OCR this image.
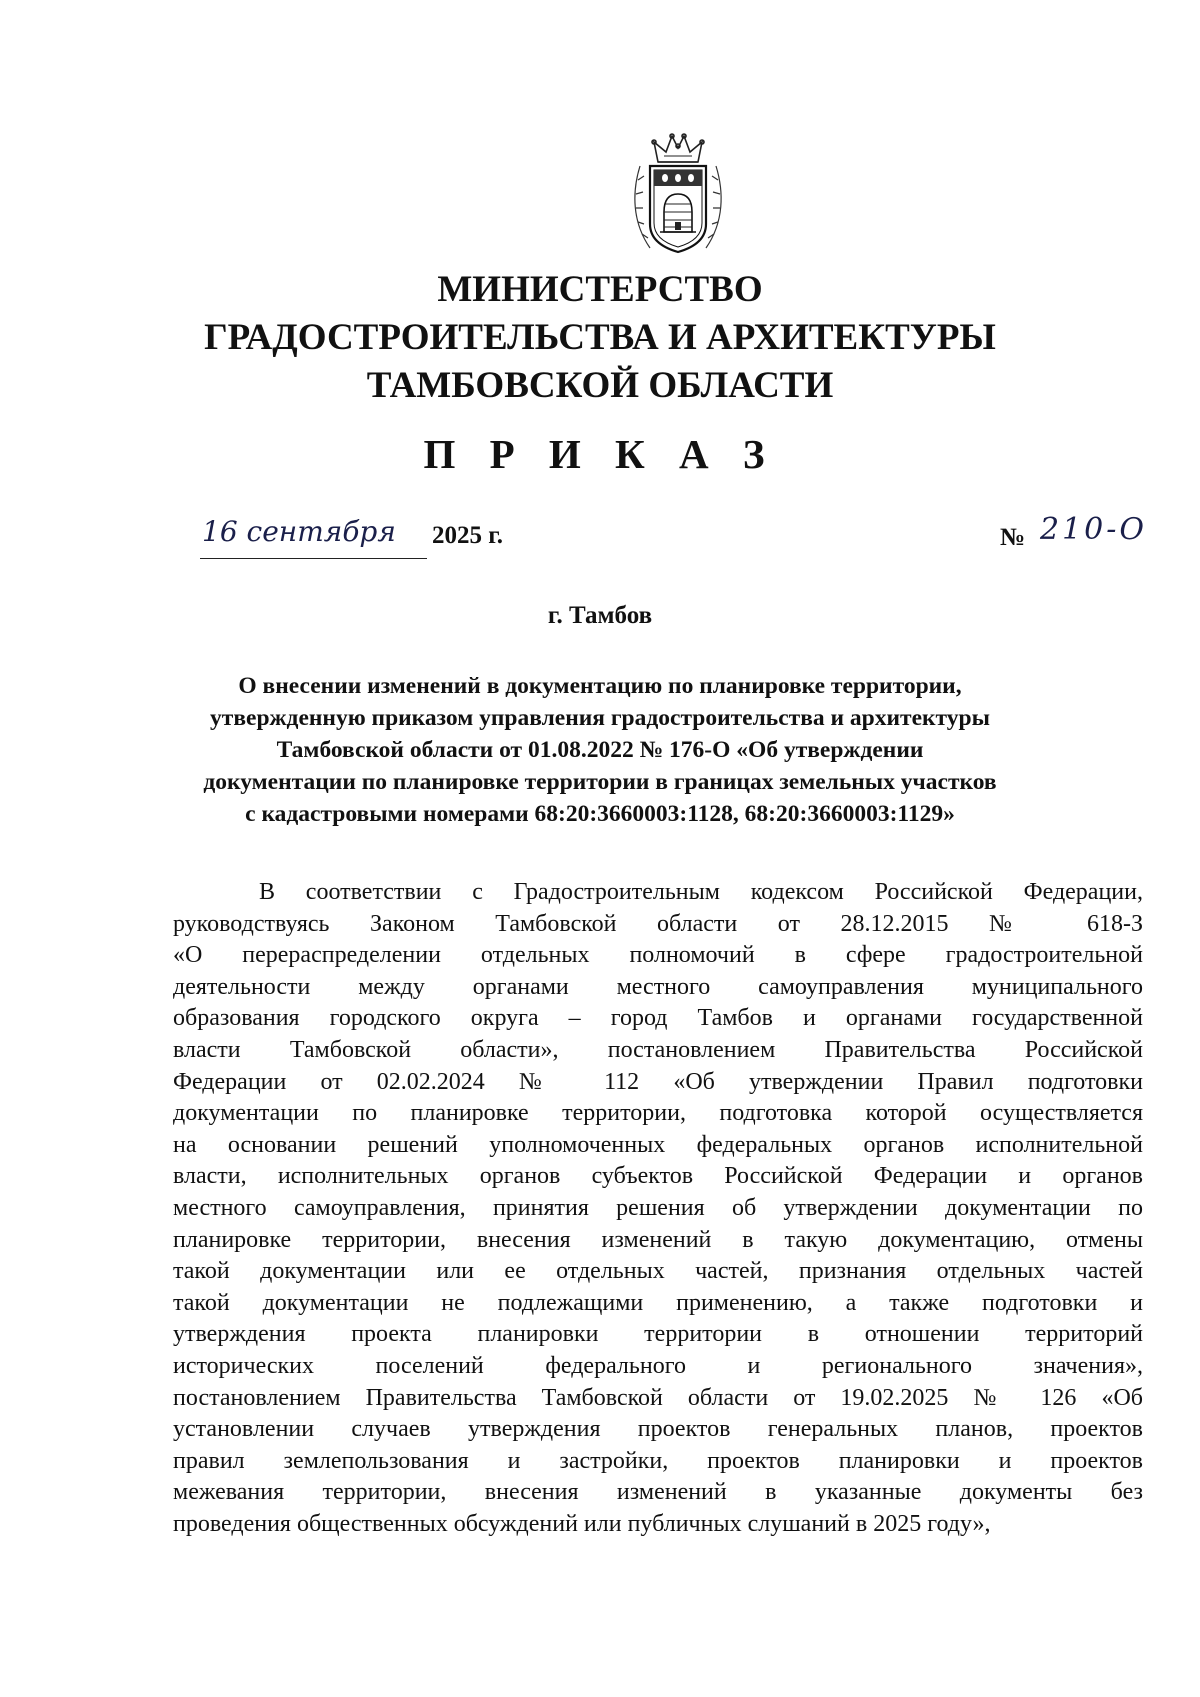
МИНИСТЕРСТВО
ГРАДОСТРОИТЕЛЬСТВА И АРХИТЕКТУРЫ
ТАМБОВСКОЙ ОБЛАСТИ
П Р И К А З
16 сентября	2025 г.	№ 210-О
г. Тамбов
О внесении изменений в документацию по планировке территории,
утвержденную приказом управления градостроительства и архитектуры
Тамбовской области от 01.08.2022 № 176-О «Об утверждении
документации по планировке территории в границах земельных участков
с кадастровыми номерами 68:20:3660003:1128, 68:20:3660003:1129»
В соответствии с Градостроительным кодексом Российской Федерации,
руководствуясь Законом Тамбовской области от 28.12.2015 № 618-З
«О перераспределении отдельных полномочий в сфере градостроительной
деятельности между органами местного самоуправления муниципального
образования городского округа – город Тамбов и органами государственной
власти Тамбовской области», постановлением Правительства Российской
Федерации от 02.02.2024 № 112 «Об утверждении Правил подготовки
документации по планировке территории, подготовка которой осуществляется
на основании решений уполномоченных федеральных органов исполнительной
власти, исполнительных органов субъектов Российской Федерации и органов
местного самоуправления, принятия решения об утверждении документации по
планировке территории, внесения изменений в такую документацию, отмены
такой документации или ее отдельных частей, признания отдельных частей
такой документации не подлежащими применению, а также подготовки и
утверждения проекта планировки территории в отношении территорий
исторических поселений федерального и регионального значения»,
постановлением Правительства Тамбовской области от 19.02.2025 № 126 «Об
установлении случаев утверждения проектов генеральных планов, проектов
правил землепользования и застройки, проектов планировки и проектов
межевания территории, внесения изменений в указанные документы без
проведения общественных обсуждений или публичных слушаний в 2025 году»,
